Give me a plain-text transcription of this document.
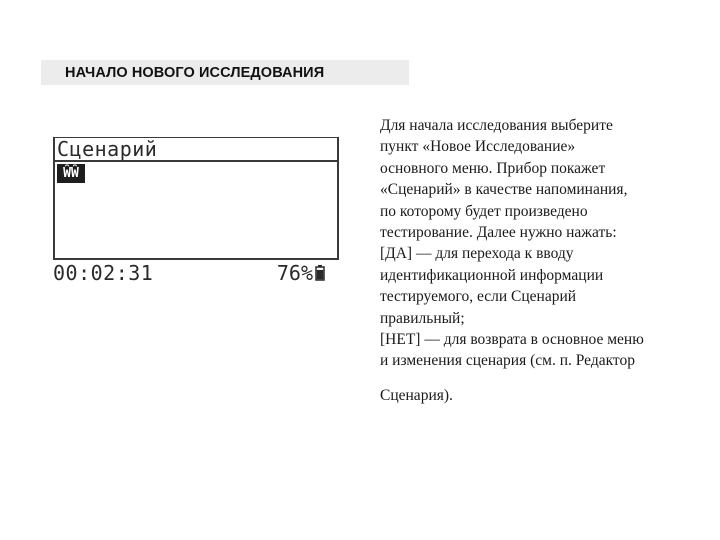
НАЧАЛО НОВОГО ИССЛЕДОВАНИЯ
Сценарий
ŴŴ
00:02:31	76%

Для начала исследования выберите
пункт «Новое Исследование»
основного меню. Прибор покажет
«Сценарий» в качестве напоминания,
по которому будет произведено
тестирование. Далее нужно нажать:
[ДА] — для перехода к вводу
идентификационной информации
тестируемого, если Сценарий
правильный;
[НЕТ] — для возврата в основное меню
и изменения сценария (см. п. Редактор
Сценария).
